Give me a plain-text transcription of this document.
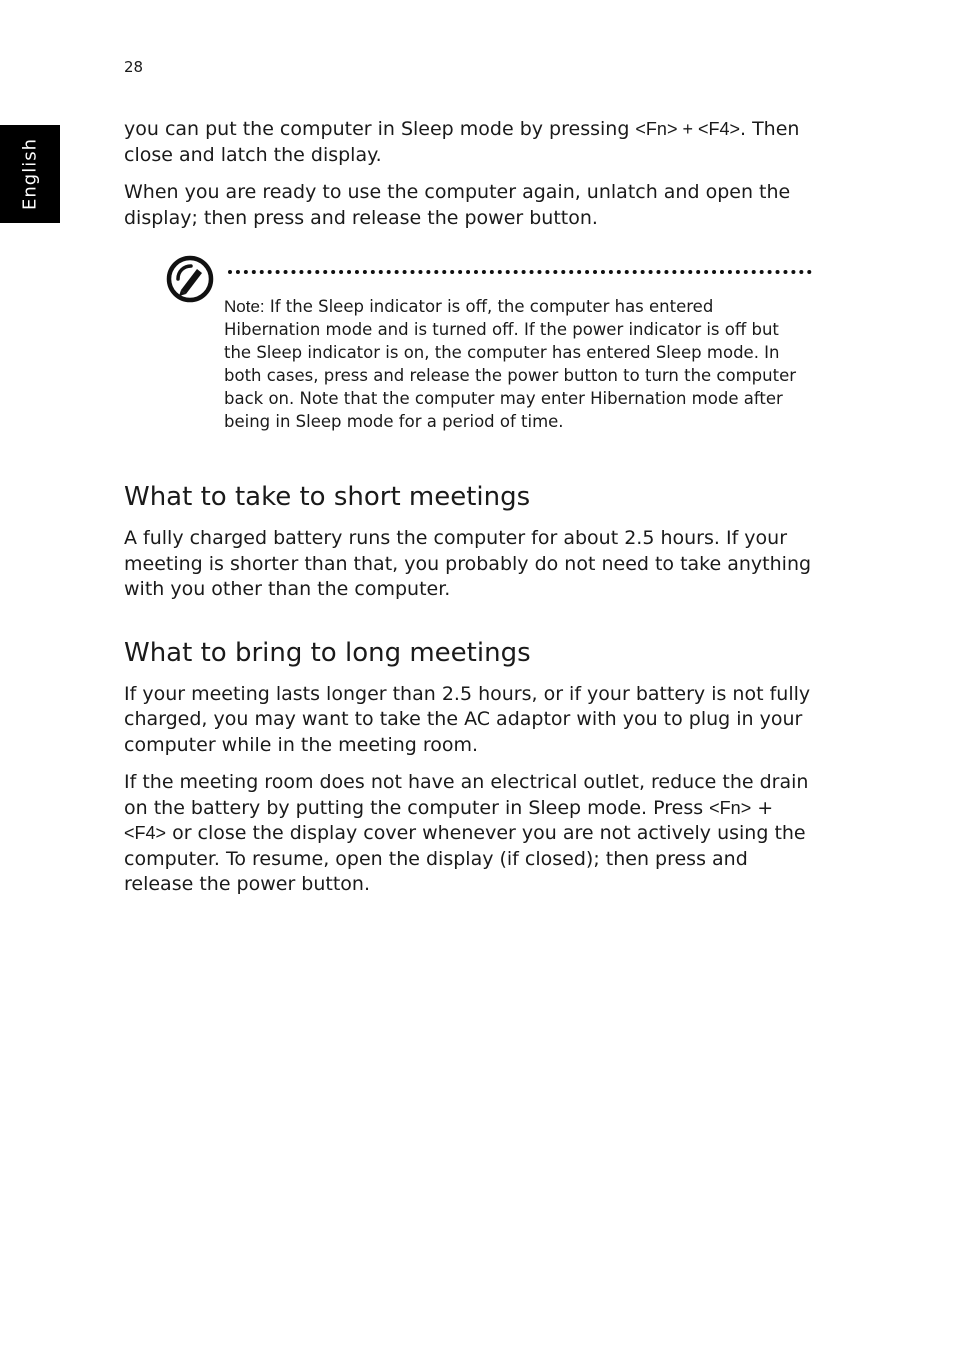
28
English

you can put the computer in Sleep mode by pressing <Fn> + <F4>. Then close and latch the display.

When you are ready to use the computer again, unlatch and open the display; then press and release the power button.

Note: If the Sleep indicator is off, the computer has entered Hibernation mode and is turned off. If the power indicator is off but the Sleep indicator is on, the computer has entered Sleep mode. In both cases, press and release the power button to turn the computer back on. Note that the computer may enter Hibernation mode after being in Sleep mode for a period of time.

What to take to short meetings

A fully charged battery runs the computer for about 2.5 hours. If your meeting is shorter than that, you probably do not need to take anything with you other than the computer.

What to bring to long meetings

If your meeting lasts longer than 2.5 hours, or if your battery is not fully charged, you may want to take the AC adaptor with you to plug in your computer while in the meeting room.

If the meeting room does not have an electrical outlet, reduce the drain on the battery by putting the computer in Sleep mode. Press <Fn> + <F4> or close the display cover whenever you are not actively using the computer. To resume, open the display (if closed); then press and release the power button.
